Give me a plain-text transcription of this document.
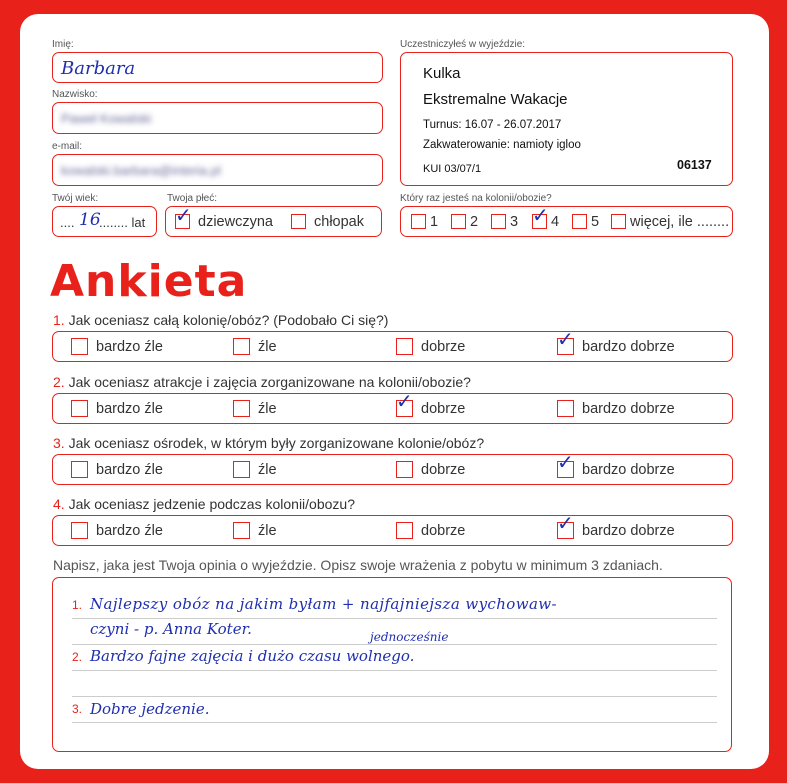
Imię:
Barbara
Nazwisko:
Paweł Kowalski
e-mail:
kowalski.barbara@interia.pl
Twój wiek:
.... 16
........ lat
Twoja płeć:
✓ dziewczyna	chłopak
Uczestniczyłeś w wyjeździe:
Kulka
Ekstremalne Wakacje
Turnus: 16.07 - 26.07.2017
Zakwaterowanie: namioty igloo
KUI 03/07/1	06137
Który raz jesteś na kolonii/obozie?
1 2 3 ✓ 4 5 więcej, ile ........
Ankieta
1. Jak oceniasz całą kolonię/obóz? (Podobało Ci się?)
bardzo źle	źle	dobrze	✓ bardzo dobrze
2. Jak oceniasz atrakcje i zajęcia zorganizowane na kolonii/obozie?
bardzo źle	źle	✓ dobrze	bardzo dobrze
3. Jak oceniasz ośrodek, w którym były zorganizowane kolonie/obóz?
bardzo źle	źle	dobrze	✓ bardzo dobrze
4. Jak oceniasz jedzenie podczas kolonii/obozu?
bardzo źle	źle	dobrze	✓ bardzo dobrze
Napisz, jaka jest Twoja opinia o wyjeździe. Opisz swoje wrażenia z pobytu w minimum 3 zdaniach.
1.
2.
3.
Najlepszy obóz na jakim byłam + najfajniejsza wychowaw-
czyni - p. Anna Koter.	jednocześnie
Bardzo fajne zajęcia i dużo czasu wolnego.
Dobre jedzenie.
